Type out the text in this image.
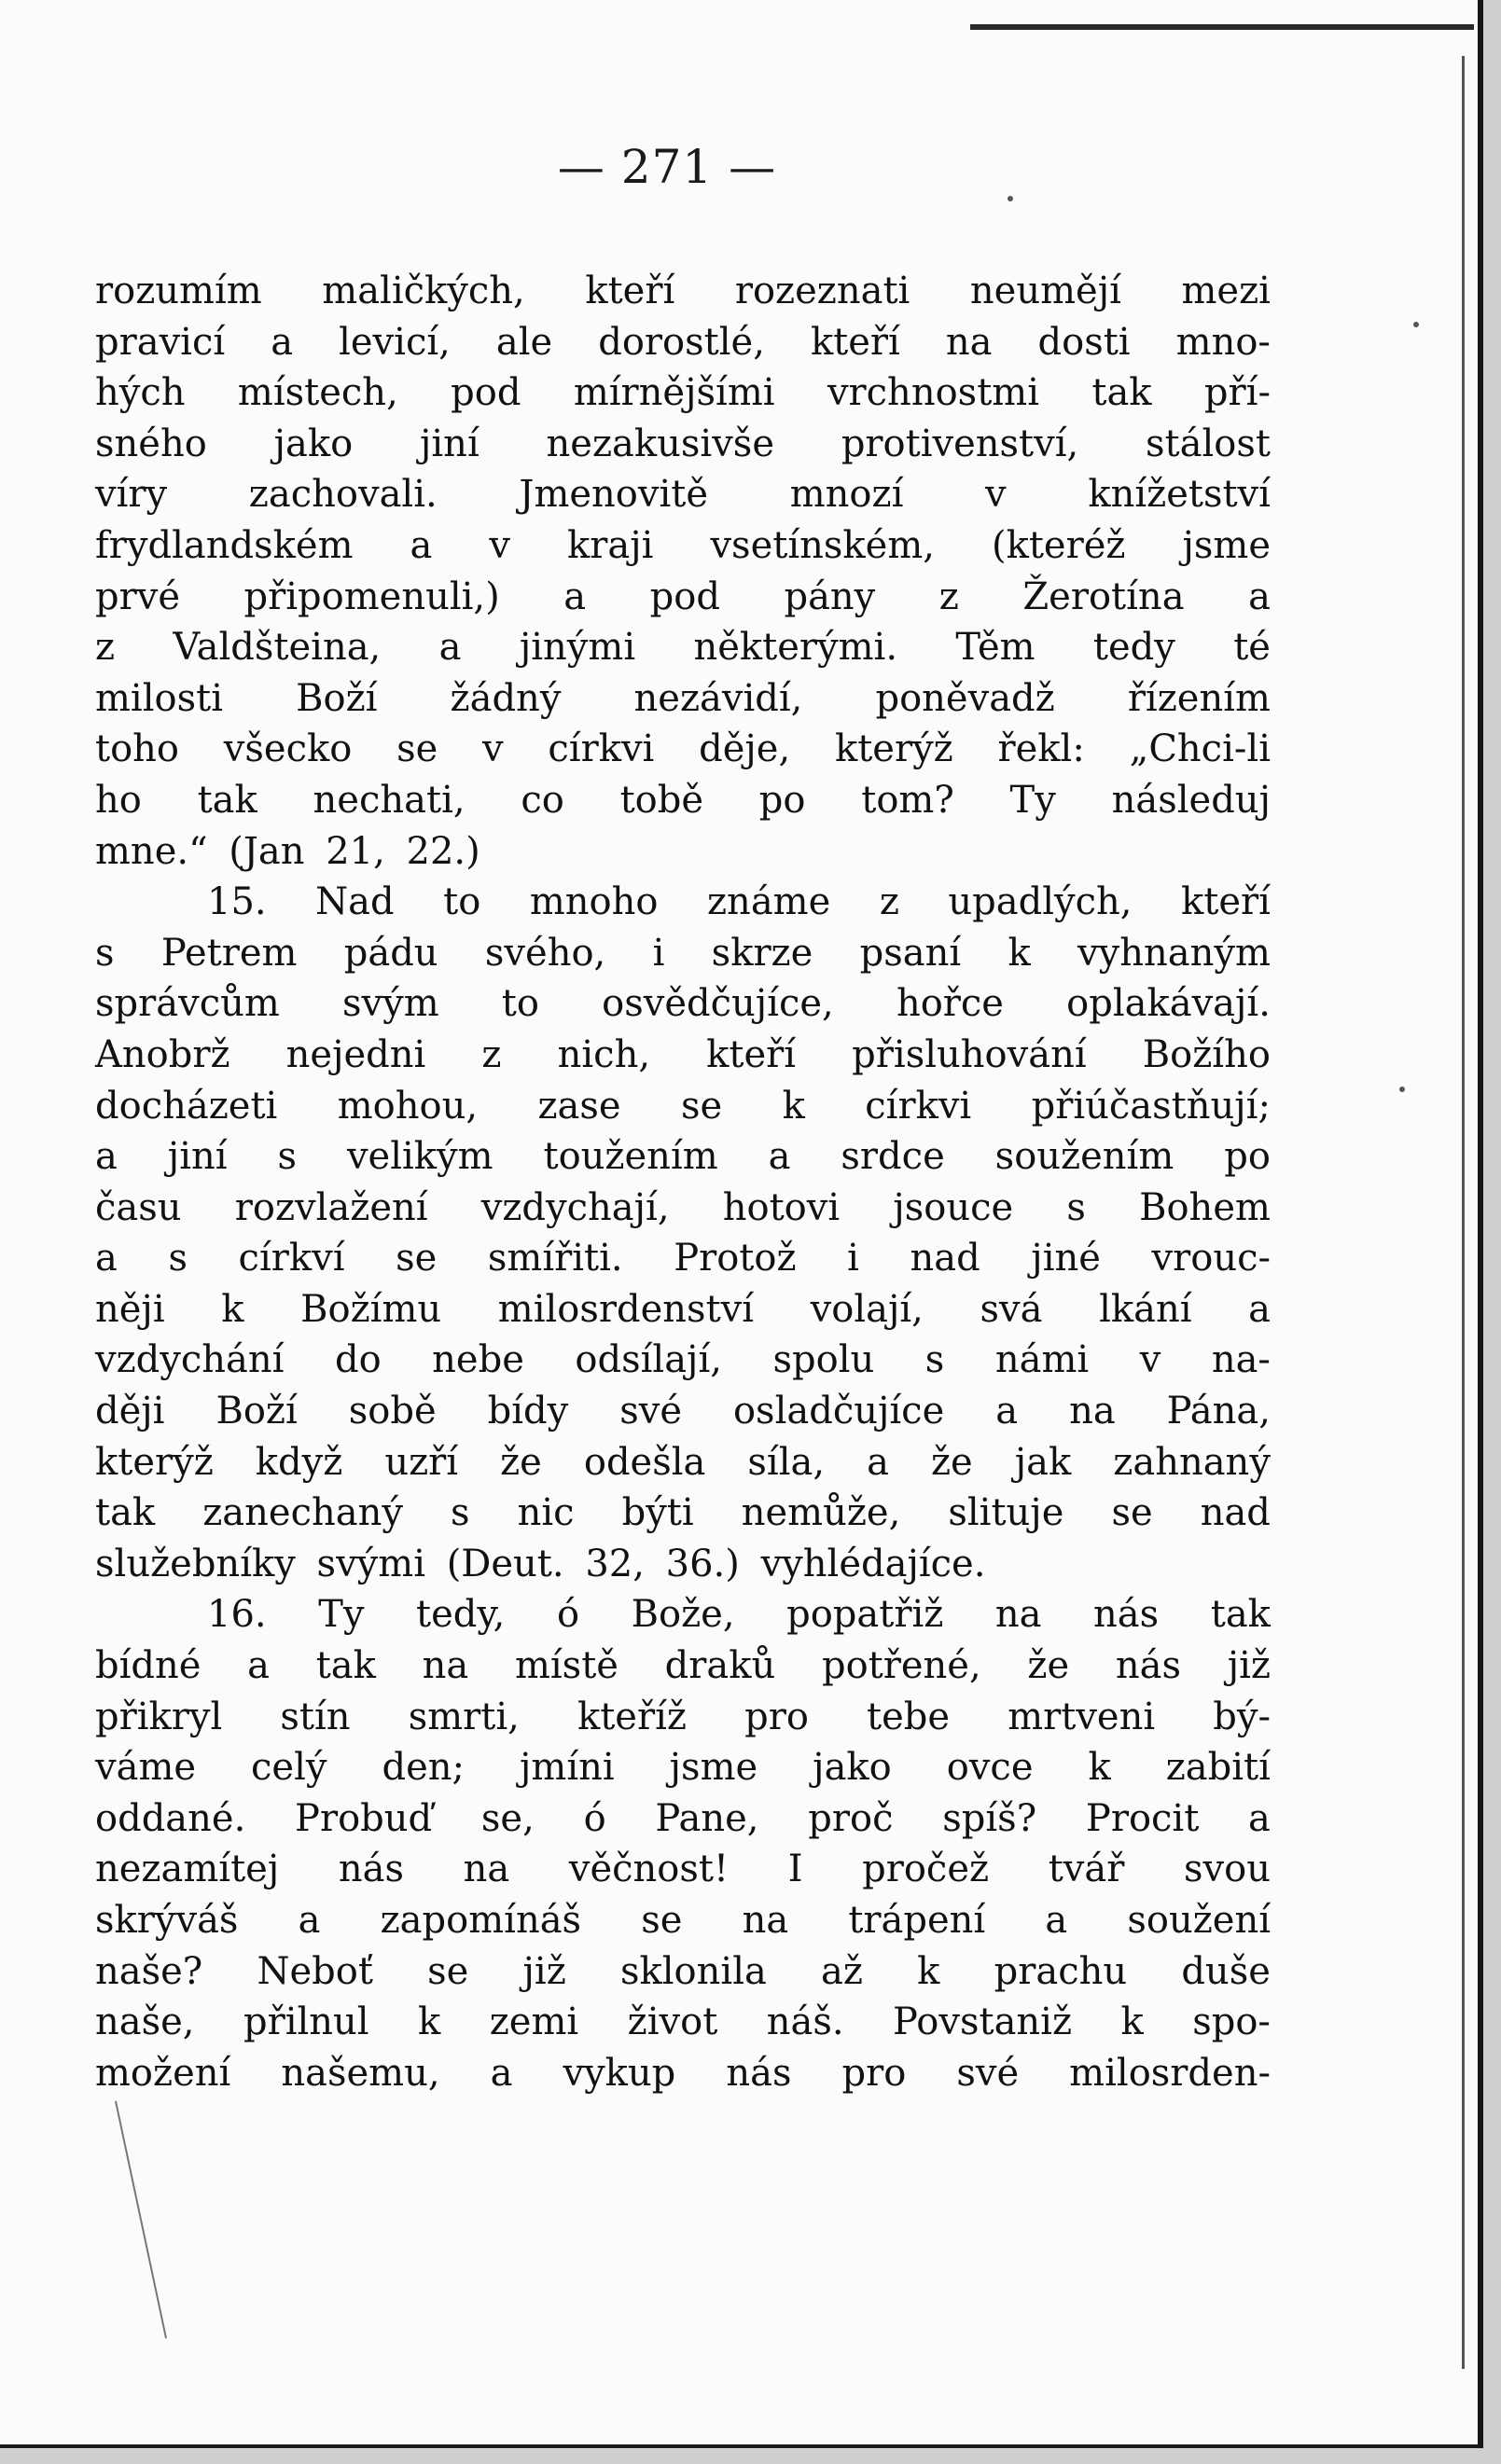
— 271 —

rozumím maličkých, kteří rozeznati neumějí mezi

pravicí a levicí, ale dorostlé, kteří na dosti mno-

hých místech, pod mírnějšími vrchnostmi tak pří-

sného jako jiní nezakusivše protivenství, stálost

víry zachovali. Jmenovitě mnozí v knížetství

frydlandském a v kraji vsetínském, (kteréž jsme

prvé připomenuli,) a pod pány z Žerotína a

z Valdšteina, a jinými některými. Těm tedy té

milosti Boží žádný nezávidí, poněvadž řízením

toho všecko se v církvi děje, kterýž řekl: „Chci-li

ho tak nechati, co tobě po tom? Ty následuj

mne.“ (Jan 21, 22.)

15. Nad to mnoho známe z upadlých, kteří

s Petrem pádu svého, i skrze psaní k vyhnaným

správcům svým to osvědčujíce, hořce oplakávají.

Anobrž nejedni z nich, kteří přisluhování Božího

docházeti mohou, zase se k církvi přiúčastňují;

a jiní s velikým toužením a srdce soužením po

času rozvlažení vzdychají, hotovi jsouce s Bohem

a s církví se smířiti. Protož i nad jiné vrouc-

něji k Božímu milosrdenství volají, svá lkání a

vzdychání do nebe odsílají, spolu s námi v na-

ději Boží sobě bídy své osladčujíce a na Pána,

kterýž když uzří že odešla síla, a že jak zahnaný

tak zanechaný s nic býti nemůže, slituje se nad

služebníky svými (Deut. 32, 36.) vyhlédajíce.

16. Ty tedy, ó Bože, popatřiž na nás tak

bídné a tak na místě draků potřené, že nás již

přikryl stín smrti, kteříž pro tebe mrtveni bý-

váme celý den; jmíni jsme jako ovce k zabití

oddané. Probuď se, ó Pane, proč spíš? Procit a

nezamítej nás na věčnost! I pročež tvář svou

skrýváš a zapomínáš se na trápení a soužení

naše? Neboť se již sklonila až k prachu duše

naše, přilnul k zemi život náš. Povstaniž k spo-

možení našemu, a vykup nás pro své milosrden-
